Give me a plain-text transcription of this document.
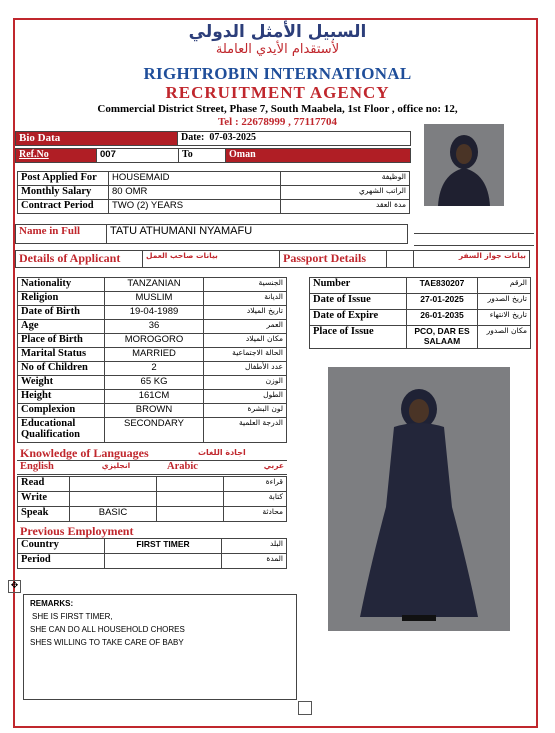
السبيل الأمثل الدولي
لأستقدام الأيدي العاملة
RIGHTROBIN INTERNATIONAL
RECRUITMENT AGENCY
Commercial District Street, Phase 7, South Maabela, 1st Floor , office no: 12,
Tel : 22678999 , 77117704
Bio Data	Date: 07-03-2025
Ref.No	007	To	Oman
Post Applied For	HOUSEMAID	الوظيفة
Monthly Salary	80 OMR	الراتب الشهري
Contract Period	TWO (2) YEARS	مدة العقد
Name in Full	TATU ATHUMANI NYAMAFU
Details of Applicant	بيانات صاحب العمل	Passport Details		بيانات جواز السفر
Nationality	TANZANIAN	الجنسية
Religion	MUSLIM	الديانة
Date of Birth	19-04-1989	تاريخ الميلاد
Age	36	العمر
Place of Birth	MOROGORO	مكان الميلاد
Marital Status	MARRIED	الحالة الاجتماعية
No of Children	2	عدد الأطفال
Weight	65 KG	الوزن
Height	161CM	الطول
Complexion	BROWN	لون البشرة
Educational Qualification	SECONDARY	الدرجة العلمية
Number	TAE830207	الرقم
Date of Issue	27-01-2025	تاريخ الصدور
Date of Expire	26-01-2035	تاريخ الانتهاء
Place of Issue	PCO, DAR ES SALAAM	مكان الصدور
Knowledge of Languages	اجادة اللغات
English	انجليزي	Arabic	عربي
Read			قراءة
Write			كتابة
Speak	BASIC		محادثة
Previous Employment
Country	FIRST TIMER	البلد
Period		المدة
✥
REMARKS:
SHE IS FIRST TIMER,
SHE CAN DO ALL HOUSEHOLD CHORES
SHES WILLING TO TAKE CARE OF BABY
